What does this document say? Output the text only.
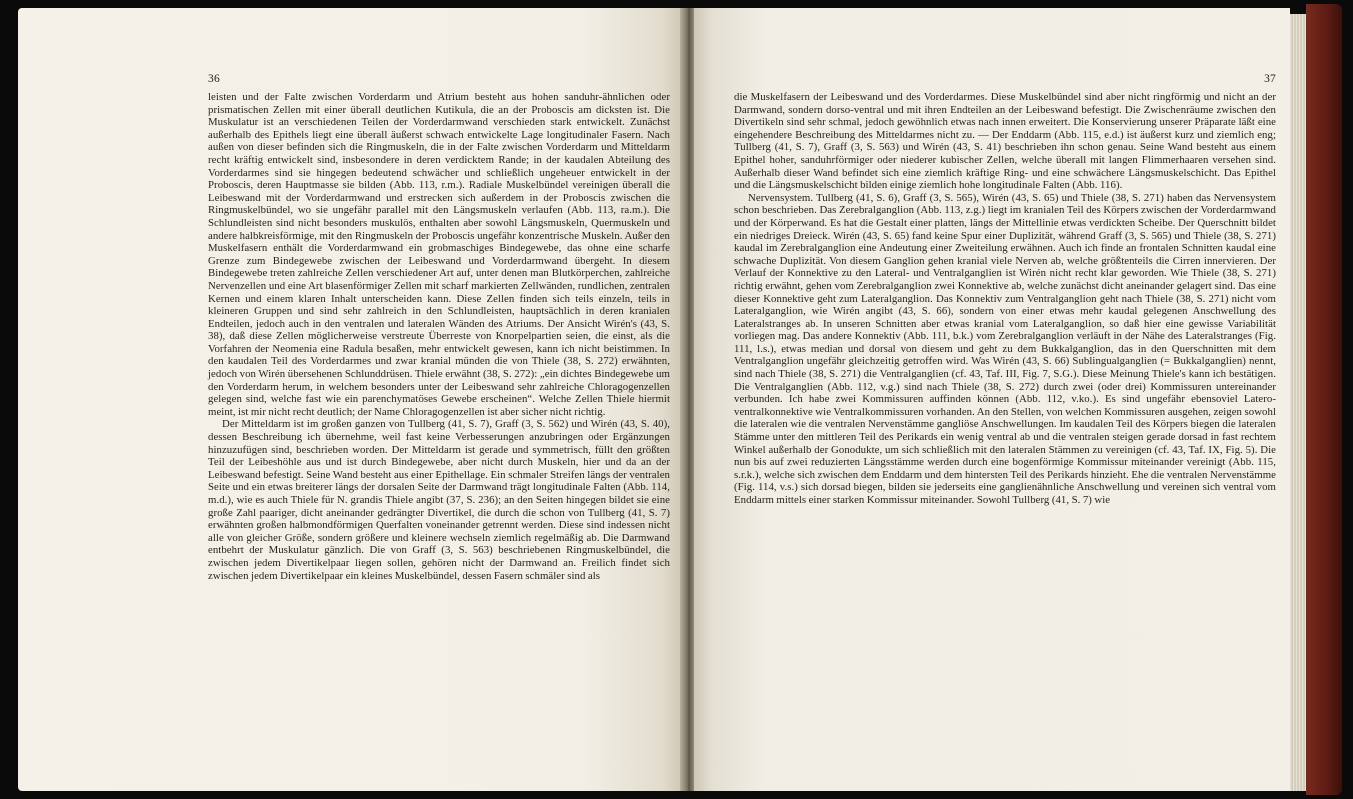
36

leisten und der Falte zwischen Vorderdarm und Atrium besteht aus hohen sanduhr-ähnlichen oder prismatischen Zellen mit einer überall deutlichen Kutikula, die an der Proboscis am dicksten ist. Die Muskulatur ist an verschiedenen Teilen der Vorderdarmwand verschieden stark entwickelt. Zunächst außerhalb des Epithels liegt eine überall äußerst schwach entwickelte Lage longitudinaler Fasern. Nach außen von dieser befinden sich die Ringmuskeln, die in der Falte zwischen Vorderdarm und Mitteldarm recht kräftig entwickelt sind, insbesondere in deren verdicktem Rande; in der kaudalen Abteilung des Vorderdarmes sind sie hingegen bedeutend schwächer und schließlich ungeheuer entwickelt in der Proboscis, deren Hauptmasse sie bilden (Abb. 113, r.m.). Radiale Muskelbündel vereinigen überall die Leibeswand mit der Vorderdarmwand und erstrecken sich außerdem in der Proboscis zwischen die Ringmuskelbündel, wo sie ungefähr parallel mit den Längsmuskeln verlaufen (Abb. 113, ra.m.). Die Schlundleisten sind nicht besonders muskulös, enthalten aber sowohl Längsmuskeln, Quermuskeln und andere halbkreisförmige, mit den Ringmuskeln der Proboscis ungefähr konzentrische Muskeln. Außer den Muskelfasern enthält die Vorderdarmwand ein grobmaschiges Bindegewebe, das ohne eine scharfe Grenze zum Bindegewebe zwischen der Leibeswand und Vorderdarmwand übergeht. In diesem Bindegewebe treten zahlreiche Zellen verschiedener Art auf, unter denen man Blutkörperchen, zahlreiche Nervenzellen und eine Art blasenförmiger Zellen mit scharf markierten Zellwänden, rundlichen, zentralen Kernen und einem klaren Inhalt unterscheiden kann. Diese Zellen finden sich teils einzeln, teils in kleineren Gruppen und sind sehr zahlreich in den Schlundleisten, hauptsächlich in deren kranialen Endteilen, jedoch auch in den ventralen und lateralen Wänden des Atriums. Der Ansicht Wirén's (43, S. 38), daß diese Zellen möglicherweise verstreute Überreste von Knorpelpartien seien, die einst, als die Vorfahren der Neomenia eine Radula besaßen, mehr entwickelt gewesen, kann ich nicht beistimmen. In den kaudalen Teil des Vorderdarmes und zwar kranial münden die von Thiele (38, S. 272) erwähnten, jedoch von Wirén übersehenen Schlunddrüsen. Thiele erwähnt (38, S. 272): „ein dichtes Bindegewebe um den Vorderdarm herum, in welchem besonders unter der Leibeswand sehr zahlreiche Chloragogenzellen gelegen sind, welche fast wie ein parenchymatöses Gewebe erscheinen“. Welche Zellen Thiele hiermit meint, ist mir nicht recht deutlich; der Name Chloragogenzellen ist aber sicher nicht richtig.

Der Mitteldarm ist im großen ganzen von Tullberg (41, S. 7), Graff (3, S. 562) und Wirén (43, S. 40), dessen Beschreibung ich übernehme, weil fast keine Verbesserungen anzubringen oder Ergänzungen hinzuzufügen sind, beschrieben worden. Der Mitteldarm ist gerade und symmetrisch, füllt den größten Teil der Leibeshöhle aus und ist durch Bindegewebe, aber nicht durch Muskeln, hier und da an der Leibeswand befestigt. Seine Wand besteht aus einer Epithellage. Ein schmaler Streifen längs der ventralen Seite und ein etwas breiterer längs der dorsalen Seite der Darmwand trägt longitudinale Falten (Abb. 114, m.d.), wie es auch Thiele für N. grandis Thiele angibt (37, S. 236); an den Seiten hingegen bildet sie eine große Zahl paariger, dicht aneinander gedrängter Divertikel, die durch die schon von Tullberg (41, S. 7) erwähnten großen halbmondförmigen Querfalten voneinander getrennt werden. Diese sind indessen nicht alle von gleicher Größe, sondern größere und kleinere wechseln ziemlich regelmäßig ab. Die Darmwand entbehrt der Muskulatur gänzlich. Die von Graff (3, S. 563) beschriebenen Ringmuskelbündel, die zwischen jedem Divertikelpaar liegen sollen, gehören nicht der Darmwand an. Freilich findet sich zwischen jedem Divertikelpaar ein kleines Muskelbündel, dessen Fasern schmäler sind als

37

die Muskelfasern der Leibeswand und des Vorderdarmes. Diese Muskelbündel sind aber nicht ringförmig und nicht an der Darmwand, sondern dorso-ventral und mit ihren Endteilen an der Leibeswand befestigt. Die Zwischenräume zwischen den Divertikeln sind sehr schmal, jedoch gewöhnlich etwas nach innen erweitert. Die Konservierung unserer Präparate läßt eine eingehendere Beschreibung des Mitteldarmes nicht zu. — Der Enddarm (Abb. 115, e.d.) ist äußerst kurz und ziemlich eng; Tullberg (41, S. 7), Graff (3, S. 563) und Wirén (43, S. 41) beschrieben ihn schon genau. Seine Wand besteht aus einem Epithel hoher, sanduhrförmiger oder niederer kubischer Zellen, welche überall mit langen Flimmerhaaren versehen sind. Außerhalb dieser Wand befindet sich eine ziemlich kräftige Ring- und eine schwächere Längsmuskelschicht. Das Epithel und die Längsmuskelschicht bilden einige ziemlich hohe longitudinale Falten (Abb. 116).

Nervensystem. Tullberg (41, S. 6), Graff (3, S. 565), Wirén (43, S. 65) und Thiele (38, S. 271) haben das Nervensystem schon beschrieben. Das Zerebralganglion (Abb. 113, z.g.) liegt im kranialen Teil des Körpers zwischen der Vorderdarmwand und der Körperwand. Es hat die Gestalt einer platten, längs der Mittellinie etwas verdickten Scheibe. Der Querschnitt bildet ein niedriges Dreieck. Wirén (43, S. 65) fand keine Spur einer Duplizität, während Graff (3, S. 565) und Thiele (38, S. 271) kaudal im Zerebralganglion eine Andeutung einer Zweiteilung erwähnen. Auch ich finde an frontalen Schnitten kaudal eine schwache Duplizität. Von diesem Ganglion gehen kranial viele Nerven ab, welche größtenteils die Cirren innervieren. Der Verlauf der Konnektive zu den Lateral- und Ventralganglien ist Wirén nicht recht klar geworden. Wie Thiele (38, S. 271) richtig erwähnt, gehen vom Zerebralganglion zwei Konnektive ab, welche zunächst dicht aneinander gelagert sind. Das eine dieser Konnektive geht zum Lateralganglion. Das Konnektiv zum Ventralganglion geht nach Thiele (38, S. 271) nicht vom Lateralganglion, wie Wirén angibt (43, S. 66), sondern von einer etwas mehr kaudal gelegenen Anschwellung des Lateralstranges ab. In unseren Schnitten aber etwas kranial vom Lateralganglion, so daß hier eine gewisse Variabilität vorliegen mag. Das andere Konnektiv (Abb. 111, b.k.) vom Zerebralganglion verläuft in der Nähe des Lateralstranges (Fig. 111, l.s.), etwas median und dorsal von diesem und geht zu dem Bukkalganglion, das in den Querschnitten mit dem Ventralganglion ungefähr gleichzeitig getroffen wird. Was Wirén (43, S. 66) Sublingualganglien (= Bukkalganglien) nennt, sind nach Thiele (38, S. 271) die Ventralganglien (cf. 43, Taf. III, Fig. 7, S.G.). Diese Meinung Thiele's kann ich bestätigen. Die Ventralganglien (Abb. 112, v.g.) sind nach Thiele (38, S. 272) durch zwei (oder drei) Kommissuren untereinander verbunden. Ich habe zwei Kommissuren auffinden können (Abb. 112, v.ko.). Es sind ungefähr ebensoviel Latero-ventralkonnektive wie Ventralkommissuren vorhanden. An den Stellen, von welchen Kommissuren ausgehen, zeigen sowohl die lateralen wie die ventralen Nervenstämme gangliöse Anschwellungen. Im kaudalen Teil des Körpers biegen die lateralen Stämme unter den mittleren Teil des Perikards ein wenig ventral ab und die ventralen steigen gerade dorsad in fast rechtem Winkel außerhalb der Gonodukte, um sich schließlich mit den lateralen Stämmen zu vereinigen (cf. 43, Taf. IX, Fig. 5). Die nun bis auf zwei reduzierten Längsstämme werden durch eine bogenförmige Kommissur miteinander vereinigt (Abb. 115, s.r.k.), welche sich zwischen dem Enddarm und dem hintersten Teil des Perikards hinzieht. Ehe die ventralen Nervenstämme (Fig. 114, v.s.) sich dorsad biegen, bilden sie jederseits eine ganglienähnliche Anschwellung und vereinen sich ventral vom Enddarm mittels einer starken Kommissur miteinander. Sowohl Tullberg (41, S. 7) wie
